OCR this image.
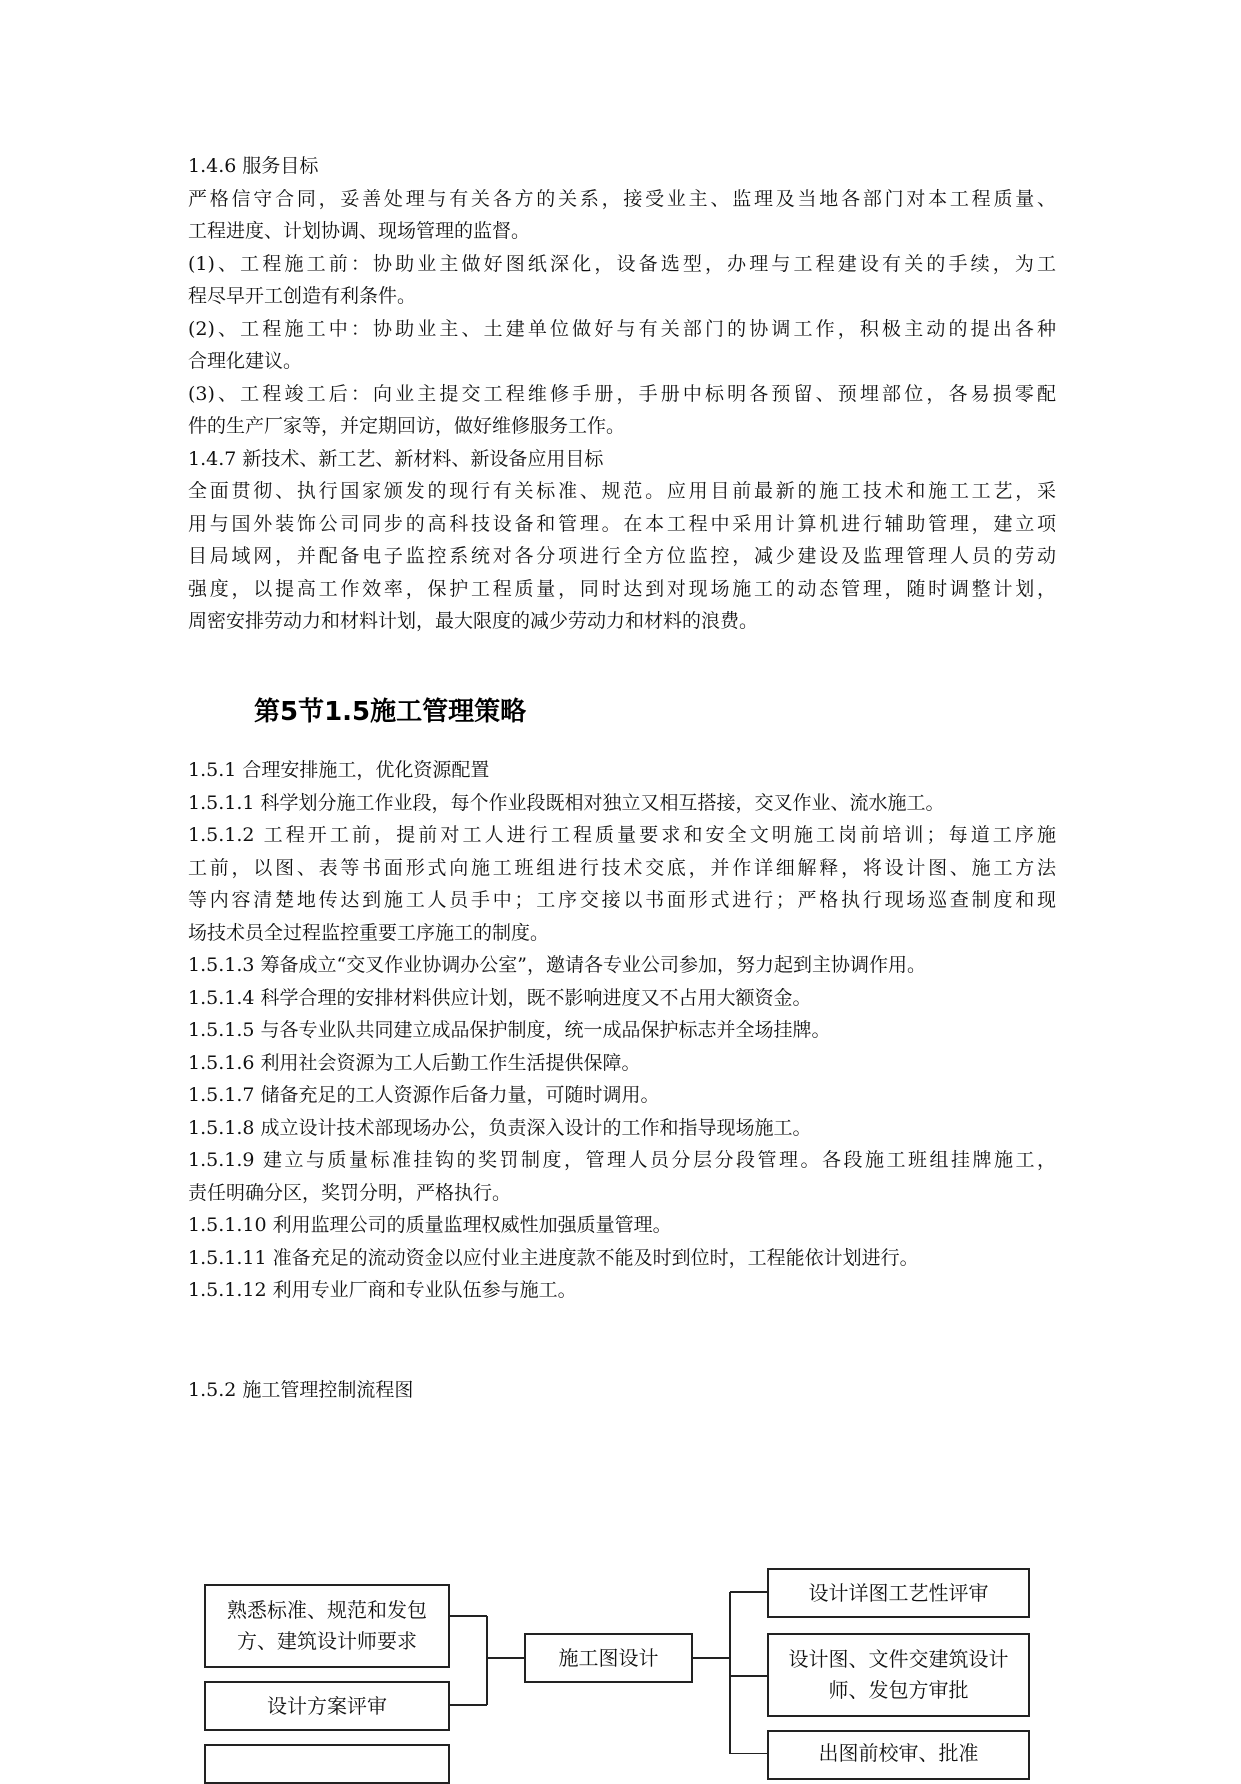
1.4.6 服务目标
严格信守合同，妥善处理与有关各方的关系，接受业主、监理及当地各部门对本工程质量、
工程进度、计划协调、现场管理的监督。
(1)、工程施工前：协助业主做好图纸深化，设备选型，办理与工程建设有关的手续，为工
程尽早开工创造有利条件。
(2)、工程施工中：协助业主、土建单位做好与有关部门的协调工作，积极主动的提出各种
合理化建议。
(3)、工程竣工后：向业主提交工程维修手册，手册中标明各预留、预埋部位，各易损零配
件的生产厂家等，并定期回访，做好维修服务工作。
1.4.7 新技术、新工艺、新材料、新设备应用目标
全面贯彻、执行国家颁发的现行有关标准、规范。应用目前最新的施工技术和施工工艺，采
用与国外装饰公司同步的高科技设备和管理。在本工程中采用计算机进行辅助管理，建立项
目局域网，并配备电子监控系统对各分项进行全方位监控，减少建设及监理管理人员的劳动
强度，以提高工作效率，保护工程质量，同时达到对现场施工的动态管理，随时调整计划，
周密安排劳动力和材料计划，最大限度的减少劳动力和材料的浪费。
第5节1.5施工管理策略
1.5.1 合理安排施工，优化资源配置
1.5.1.1 科学划分施工作业段，每个作业段既相对独立又相互搭接，交叉作业、流水施工。
1.5.1.2 工程开工前，提前对工人进行工程质量要求和安全文明施工岗前培训；每道工序施
工前，以图、表等书面形式向施工班组进行技术交底，并作详细解释，将设计图、施工方法
等内容清楚地传达到施工人员手中；工序交接以书面形式进行；严格执行现场巡查制度和现
场技术员全过程监控重要工序施工的制度。
1.5.1.3 筹备成立“交叉作业协调办公室”，邀请各专业公司参加，努力起到主协调作用。
1.5.1.4 科学合理的安排材料供应计划，既不影响进度又不占用大额资金。
1.5.1.5 与各专业队共同建立成品保护制度，统一成品保护标志并全场挂牌。
1.5.1.6 利用社会资源为工人后勤工作生活提供保障。
1.5.1.7 储备充足的工人资源作后备力量，可随时调用。
1.5.1.8 成立设计技术部现场办公，负责深入设计的工作和指导现场施工。
1.5.1.9 建立与质量标准挂钩的奖罚制度，管理人员分层分段管理。各段施工班组挂牌施工，
责任明确分区，奖罚分明，严格执行。
1.5.1.10 利用监理公司的质量监理权威性加强质量管理。
1.5.1.11 准备充足的流动资金以应付业主进度款不能及时到位时，工程能依计划进行。
1.5.1.12 利用专业厂商和专业队伍参与施工。
1.5.2 施工管理控制流程图
熟悉标准、规范和发包
方、建筑设计师要求
设计方案评审
施工图设计
设计详图工艺性评审
设计图、文件交建筑设计
师、发包方审批
出图前校审、批准
